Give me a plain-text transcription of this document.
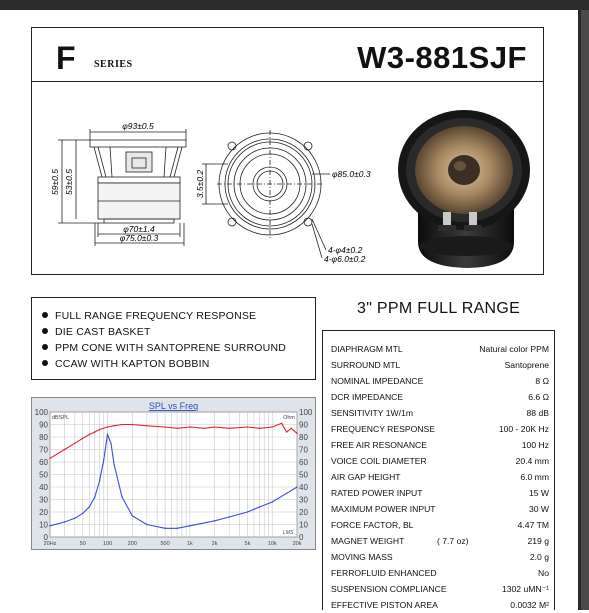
F SERIES	W3-881SJF
φ93±0.5
59±0.5 53±0.5
φ70±1.4
φ75.0±0.3
3.5±0.2	φ85.0±0.3
4-φ4±0.2
4-φ6.0±0.2
FULL RANGE FREQUENCY RESPONSE
DIE CAST BASKET
PPM CONE WITH SANTOPRENE SURROUND
CCAW WITH KAPTON BOBBIN
3" PPM FULL RANGE
DIAPHRAGM MTL	Natural color PPM
SURROUND MTL	Santoprene
NOMINAL IMPEDANCE	8 Ω
DCR IMPEDANCE	6.6 Ω
SENSITIVITY 1W/1m	88 dB
FREQUENCY RESPONSE	100 - 20K Hz
FREE AIR RESONANCE	100 Hz
VOICE COIL DIAMETER	20.4 mm
AIR GAP HEIGHT	6.0 mm
RATED POWER INPUT	15 W
MAXIMUM POWER INPUT	30 W
FORCE FACTOR, BL	4.47 TM
MAGNET WEIGHT	( 7.7 oz)	219 g
MOVING MASS	2.0 g
FERROFLUID ENHANCED	No
SUSPENSION COMPLIANCE	1302 uMN⁻¹
EFFECTIVE PISTON AREA	0.0032 M²
100	100
90	90
80	80
70	70
60	60
50	50
40	40
30	30
20	20
10	10
0	0
20Hz	50	100	200	500	1k	2k	5k	10k	20k
SPL vs Freq
dBSPL	Ohm
LMS
